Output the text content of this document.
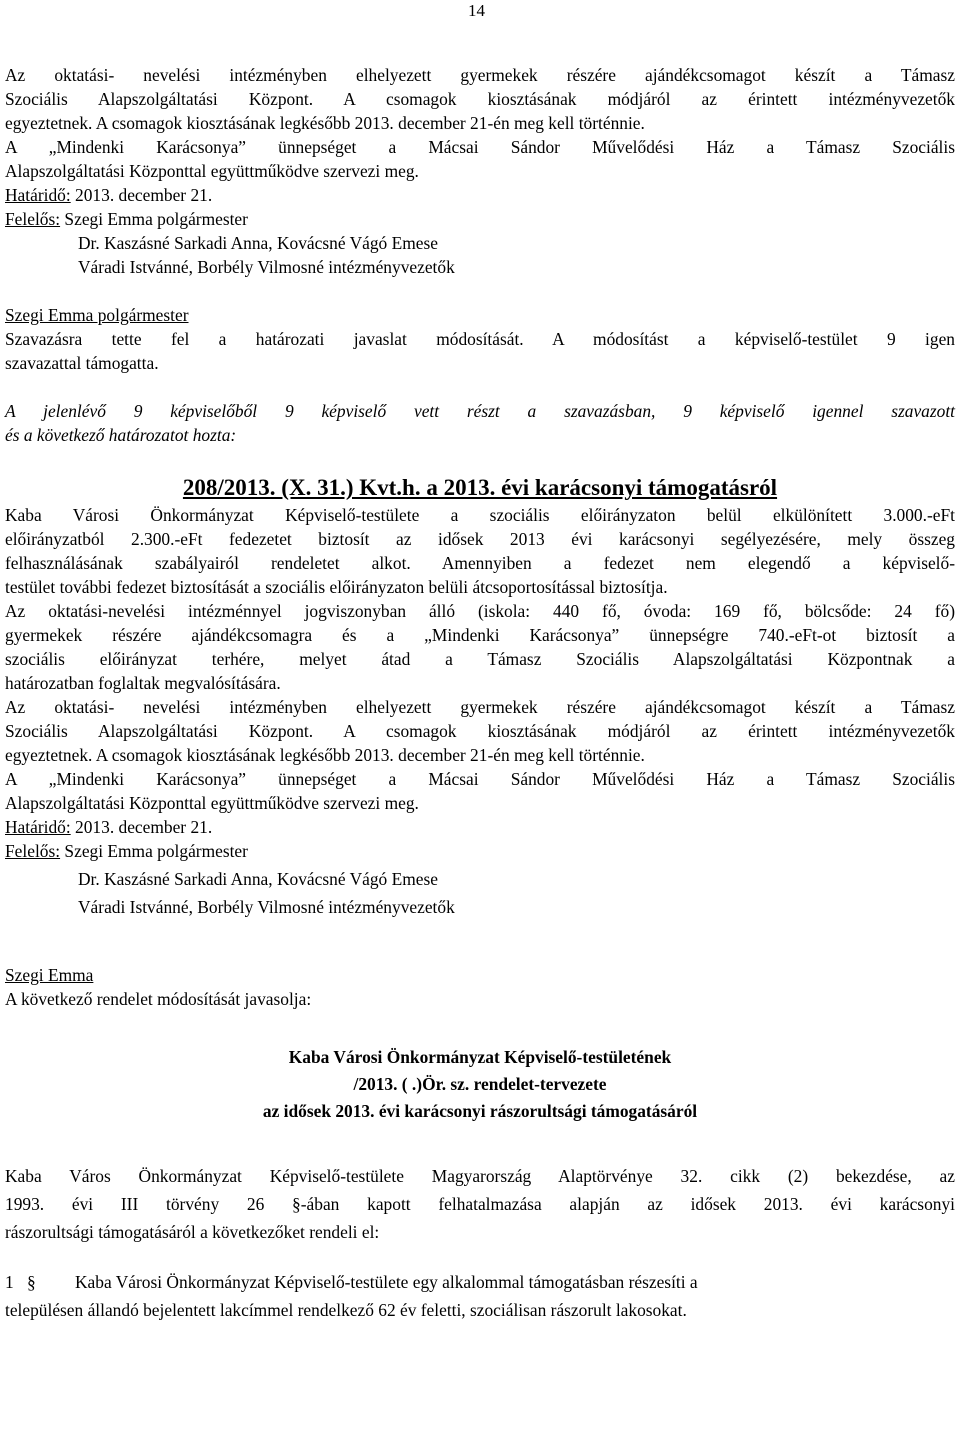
14
Az oktatási- nevelési intézményben elhelyezett gyermekek részére ajándékcsomagot készít a Támasz
Szociális Alapszolgáltatási Központ. A csomagok kiosztásának módjáról az érintett intézményvezetők
egyeztetnek. A csomagok kiosztásának legkésőbb 2013. december 21-én meg kell történnie.
A „Mindenki Karácsonya” ünnepséget a Mácsai Sándor Művelődési Ház a Támasz Szociális
Alapszolgáltatási Központtal együttműködve szervezi meg.
Határidő: 2013. december 21.
Felelős: Szegi Emma polgármester
Dr. Kaszásné Sarkadi Anna, Kovácsné Vágó Emese
Váradi Istvánné, Borbély Vilmosné intézményvezetők
Szegi Emma polgármester
Szavazásra tette fel a határozati javaslat módosítását. A módosítást a képviselő-testület 9 igen
szavazattal támogatta.
A jelenlévő 9 képviselőből 9 képviselő vett részt a szavazásban, 9 képviselő igennel szavazott
és a következő határozatot hozta:
208/2013. (X. 31.) Kvt.h. a 2013. évi karácsonyi támogatásról
Kaba Városi Önkormányzat Képviselő-testülete a szociális előirányzaton belül elkülönített 3.000.-eFt
előirányzatból 2.300.-eFt fedezetet biztosít az idősek 2013 évi karácsonyi segélyezésére, mely összeg
felhasználásának szabályairól rendeletet alkot. Amennyiben a fedezet nem elegendő a képviselő-
testület további fedezet biztosítását a szociális előirányzaton belüli átcsoportosítással biztosítja.
Az oktatási-nevelési intézménnyel jogviszonyban álló (iskola: 440 fő, óvoda: 169 fő, bölcsőde: 24 fő)
gyermekek részére ajándékcsomagra és a „Mindenki Karácsonya” ünnepségre 740.-eFt-ot biztosít a
szociális előirányzat terhére, melyet átad a Támasz Szociális Alapszolgáltatási Központnak a
határozatban foglaltak megvalósítására.
Az oktatási- nevelési intézményben elhelyezett gyermekek részére ajándékcsomagot készít a Támasz
Szociális Alapszolgáltatási Központ. A csomagok kiosztásának módjáról az érintett intézményvezetők
egyeztetnek. A csomagok kiosztásának legkésőbb 2013. december 21-én meg kell történnie.
A „Mindenki Karácsonya” ünnepséget a Mácsai Sándor Művelődési Ház a Támasz Szociális
Alapszolgáltatási Központtal együttműködve szervezi meg.
Határidő: 2013. december 21.
Felelős: Szegi Emma polgármester
Dr. Kaszásné Sarkadi Anna, Kovácsné Vágó Emese
Váradi Istvánné, Borbély Vilmosné intézményvezetők
Szegi Emma
A következő rendelet módosítását javasolja:
Kaba Városi Önkormányzat Képviselő-testületének
/2013. ( .)Ör. sz. rendelet-tervezete
az idősek 2013. évi karácsonyi rászorultsági támogatásáról
Kaba Város Önkormányzat Képviselő-testülete Magyarország Alaptörvénye 32. cikk (2) bekezdése, az
1993. évi III törvény 26 §-ában kapott felhatalmazása alapján az idősek 2013. évi karácsonyi
rászorultsági támogatásáról a következőket rendeli el:
1 §	Kaba Városi Önkormányzat Képviselő-testülete egy alkalommal támogatásban részesíti a
településen állandó bejelentett lakcímmel rendelkező 62 év feletti, szociálisan rászorult lakosokat.
